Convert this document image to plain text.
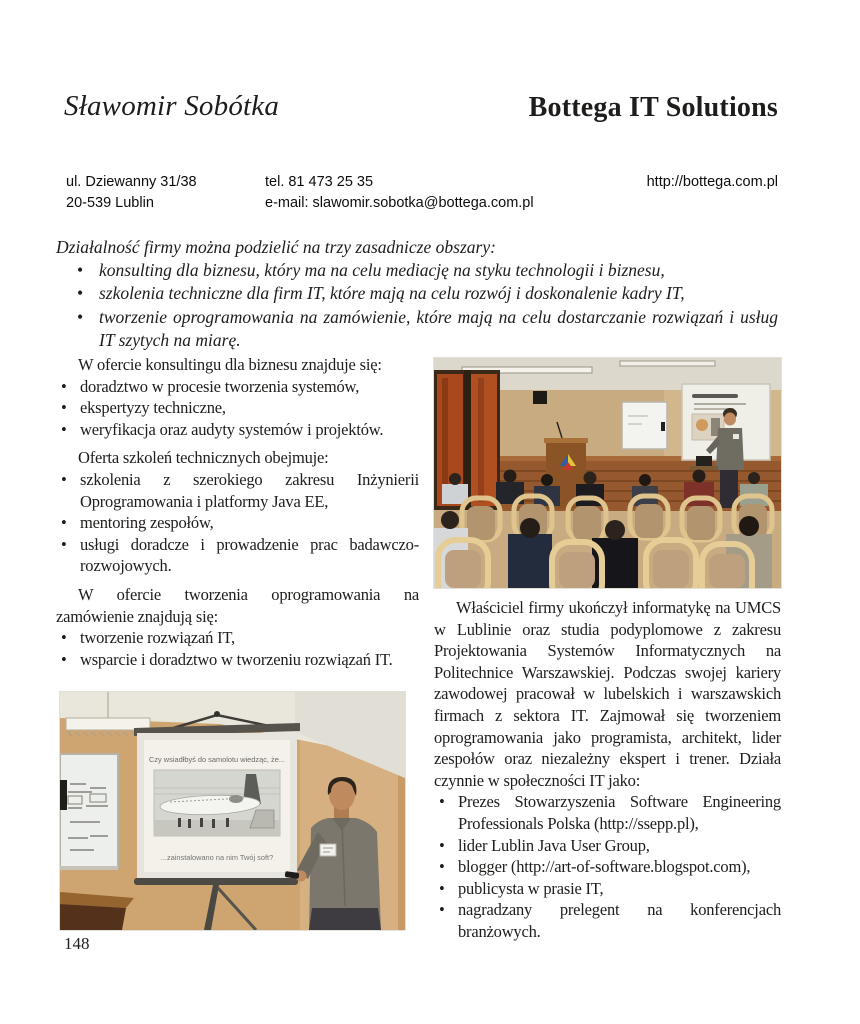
Sławomir Sobótka	Bottega IT Solutions
ul. Dziewanny 31/38
20-539 Lublin
tel. 81 473 25 35
e-mail: slawomir.sobotka@bottega.com.pl
http://bottega.com.pl

Działalność firmy można podzielić na trzy zasadnicze obszary:

• konsulting dla biznesu, który ma na celu mediację na styku technologii i biznesu,
• szkolenia techniczne dla firm IT, które mają na celu rozwój i doskonalenie kadry IT,
• tworzenie oprogramowania na zamówienie, które mają na celu dostarczanie rozwiązań i usług IT szytych na miarę.

W ofercie konsultingu dla biznesu znajduje się:

• doradztwo w procesie tworzenia systemów,
• ekspertyzy techniczne,
• weryfikacja oraz audyty systemów i projektów.

Oferta szkoleń technicznych obejmuje:

• szkolenia z szerokiego zakresu Inżynierii Oprogramowania i platformy Java EE,
• mentoring zespołów,
• usługi doradcze i prowadzenie prac badawczo-rozwojowych.

W ofercie tworzenia oprogramowania na zamówienie znajdują się:

• tworzenie rozwiązań IT,
• wsparcie i doradztwo w tworzeniu rozwiązań IT.

Właściciel firmy ukończył informatykę na UMCS w Lublinie oraz studia podyplomowe z zakresu Projektowania Systemów Informatycznych na Politechnice Warszawskiej. Podczas swojej kariery zawodowej pracował w lubelskich i warszawskich firmach z sektora IT. Zajmował się tworzeniem oprogramowania jako programista, architekt, lider zespołów oraz niezależny ekspert i trener. Działa czynnie w społeczności IT jako:

• Prezes Stowarzyszenia Software Engineering Professionals Polska (http://ssepp.pl),
• lider Lublin Java User Group,
• blogger (http://art-of-software.blogspot.com),
• publicysta w prasie IT,
• nagradzany prelegent na konferencjach branżowych.
Czy wsiadłbyś do samolotu wiedząc, że...
...zainstalowano na nim Twój soft?
148
